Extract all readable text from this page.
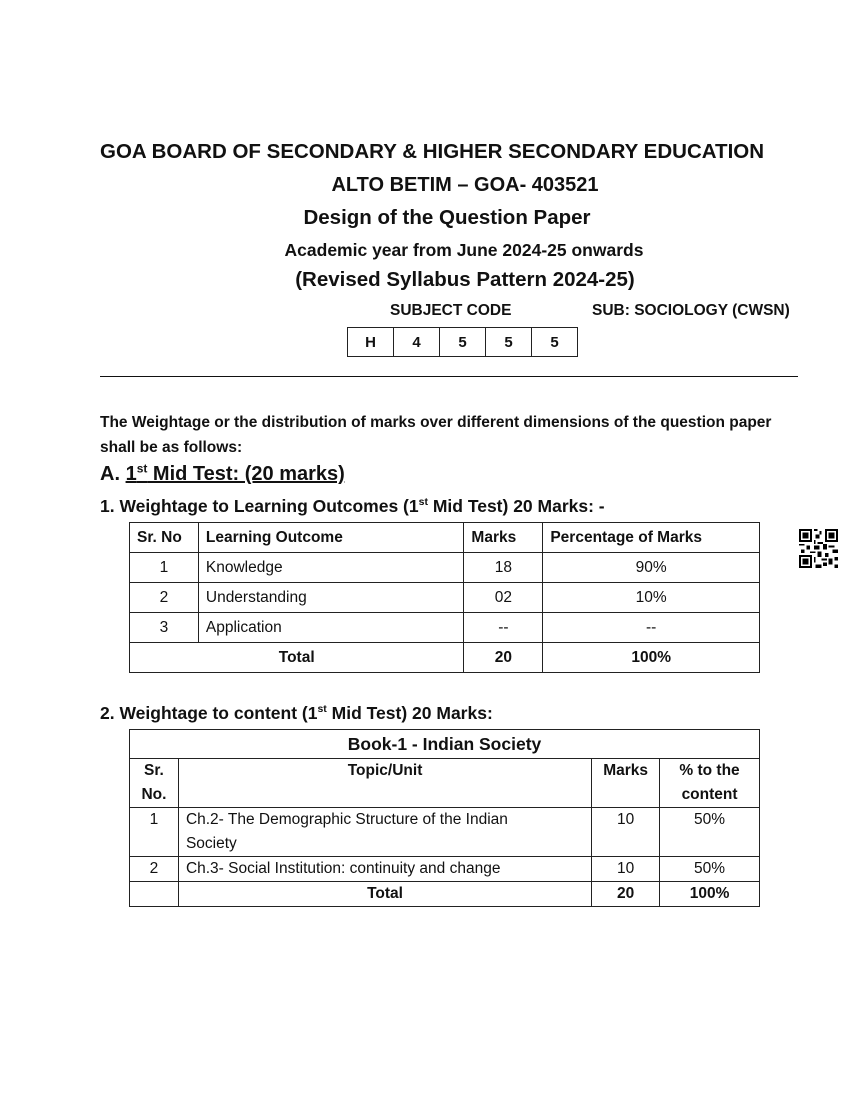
GOA BOARD OF SECONDARY & HIGHER SECONDARY EDUCATION
ALTO BETIM – GOA- 403521
Design of the Question Paper
Academic year from June 2024-25 onwards
(Revised Syllabus Pattern 2024-25)
SUBJECT CODE	SUB: SOCIOLOGY (CWSN)
H	4	5	5	5
The Weightage or the distribution of marks over different dimensions of the question paper shall be as follows:
A. 1st Mid Test: (20 marks)
1. Weightage to Learning Outcomes (1st Mid Test) 20 Marks: -
Sr. No	Learning Outcome	Marks	Percentage of Marks
1	Knowledge	18	90%
2	Understanding	02	10%
3	Application	--	--
Total		20	100%
2. Weightage to content (1st Mid Test) 20 Marks:
Book-1 - Indian Society			
Sr.
No.	Topic/Unit	Marks	% to the
content
1	Ch.2- The Demographic Structure of the Indian
Society	10	50%
2	Ch.3- Social Institution: continuity and change	10	50%
	Total	20	100%
